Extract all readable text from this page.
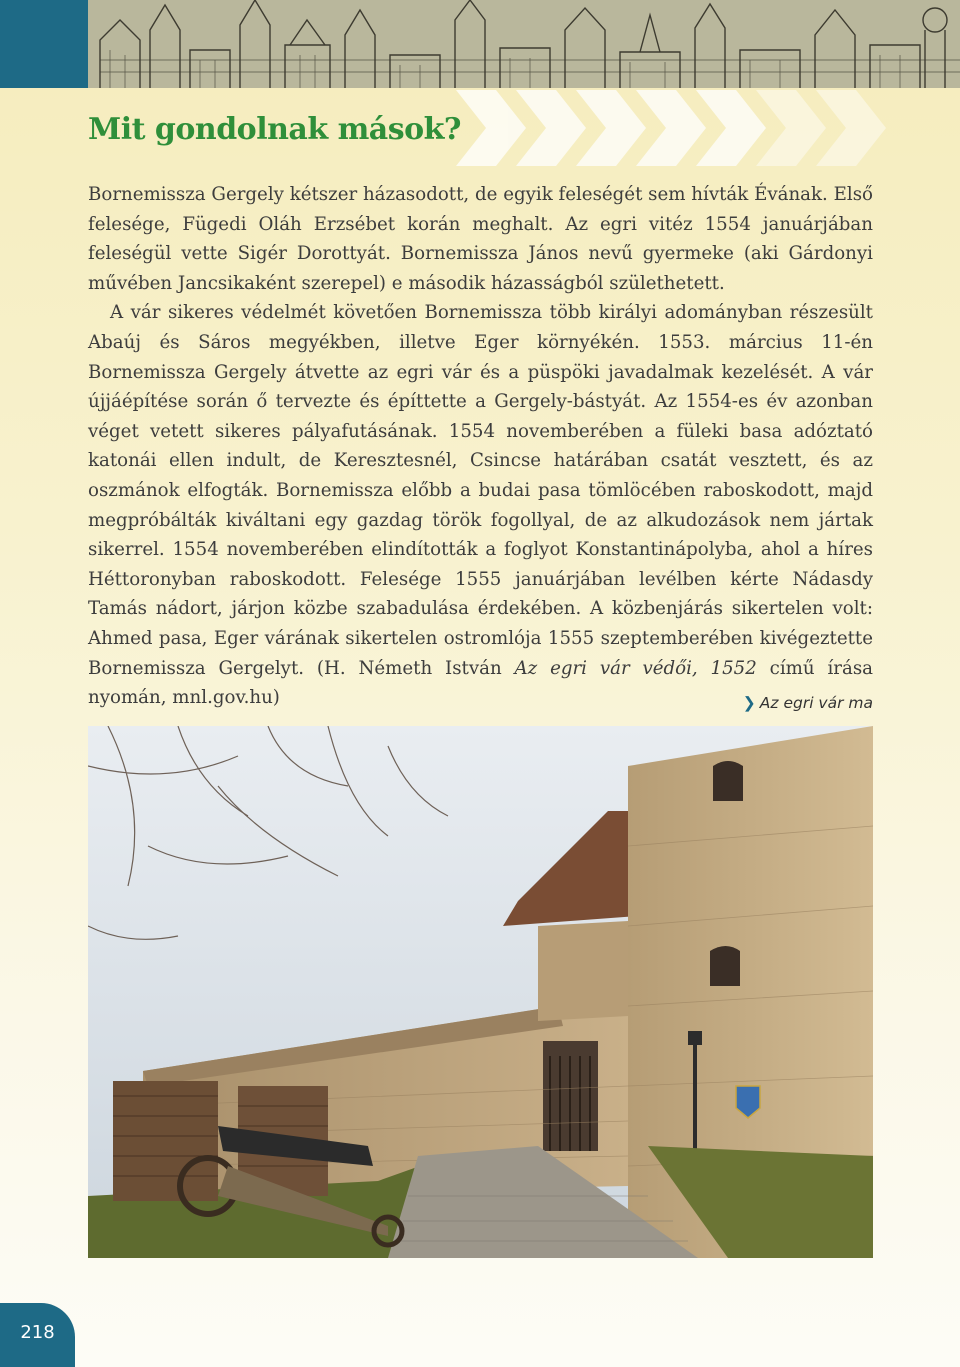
Mit gondolnak mások?

Bornemissza Gergely kétszer házasodott, de egyik feleségét sem hívták Évának. Első felesége, Fügedi Oláh Erzsébet korán meghalt. Az egri vitéz 1554 januárjában feleségül vette Sigér Dorottyát. Bornemissza János nevű gyermeke (aki Gárdonyi művében Jancsikaként szerepel) e második házasságból születhetett.

A vár sikeres védelmét követően Bornemissza több királyi adományban részesült Abaúj és Sáros megyékben, illetve Eger környékén. 1553. március 11-én Bornemissza Gergely átvette az egri vár és a püspöki javadalmak kezelését. A vár újjáépítése során ő tervezte és építtette a Gergely-bástyát. Az 1554-es év azonban véget vetett sikeres pályafutásának. 1554 novemberében a füleki basa adóztató katonái ellen indult, de Keresztesnél, Csincse határában csatát vesztett, és az oszmánok elfogták. Bornemissza előbb a budai pasa tömlöcében raboskodott, majd megpróbálták kiváltani egy gazdag török fogollyal, de az alkudozások nem jártak sikerrel. 1554 novemberében elindították a foglyot Konstantinápolyba, ahol a híres Héttoronyban raboskodott. Felesége 1555 januárjában levélben kérte Nádasdy Tamás nádort, járjon közbe szabadulása érdekében. A közbenjárás sikertelen volt: Ahmed pasa, Eger várának sikertelen ostromlója 1555 szeptemberében kivégeztette Bornemissza Gergelyt. (H. Németh István Az egri vár védői, 1552 című írása nyomán, mnl.gov.hu)	❯ Az egri vár ma
218
